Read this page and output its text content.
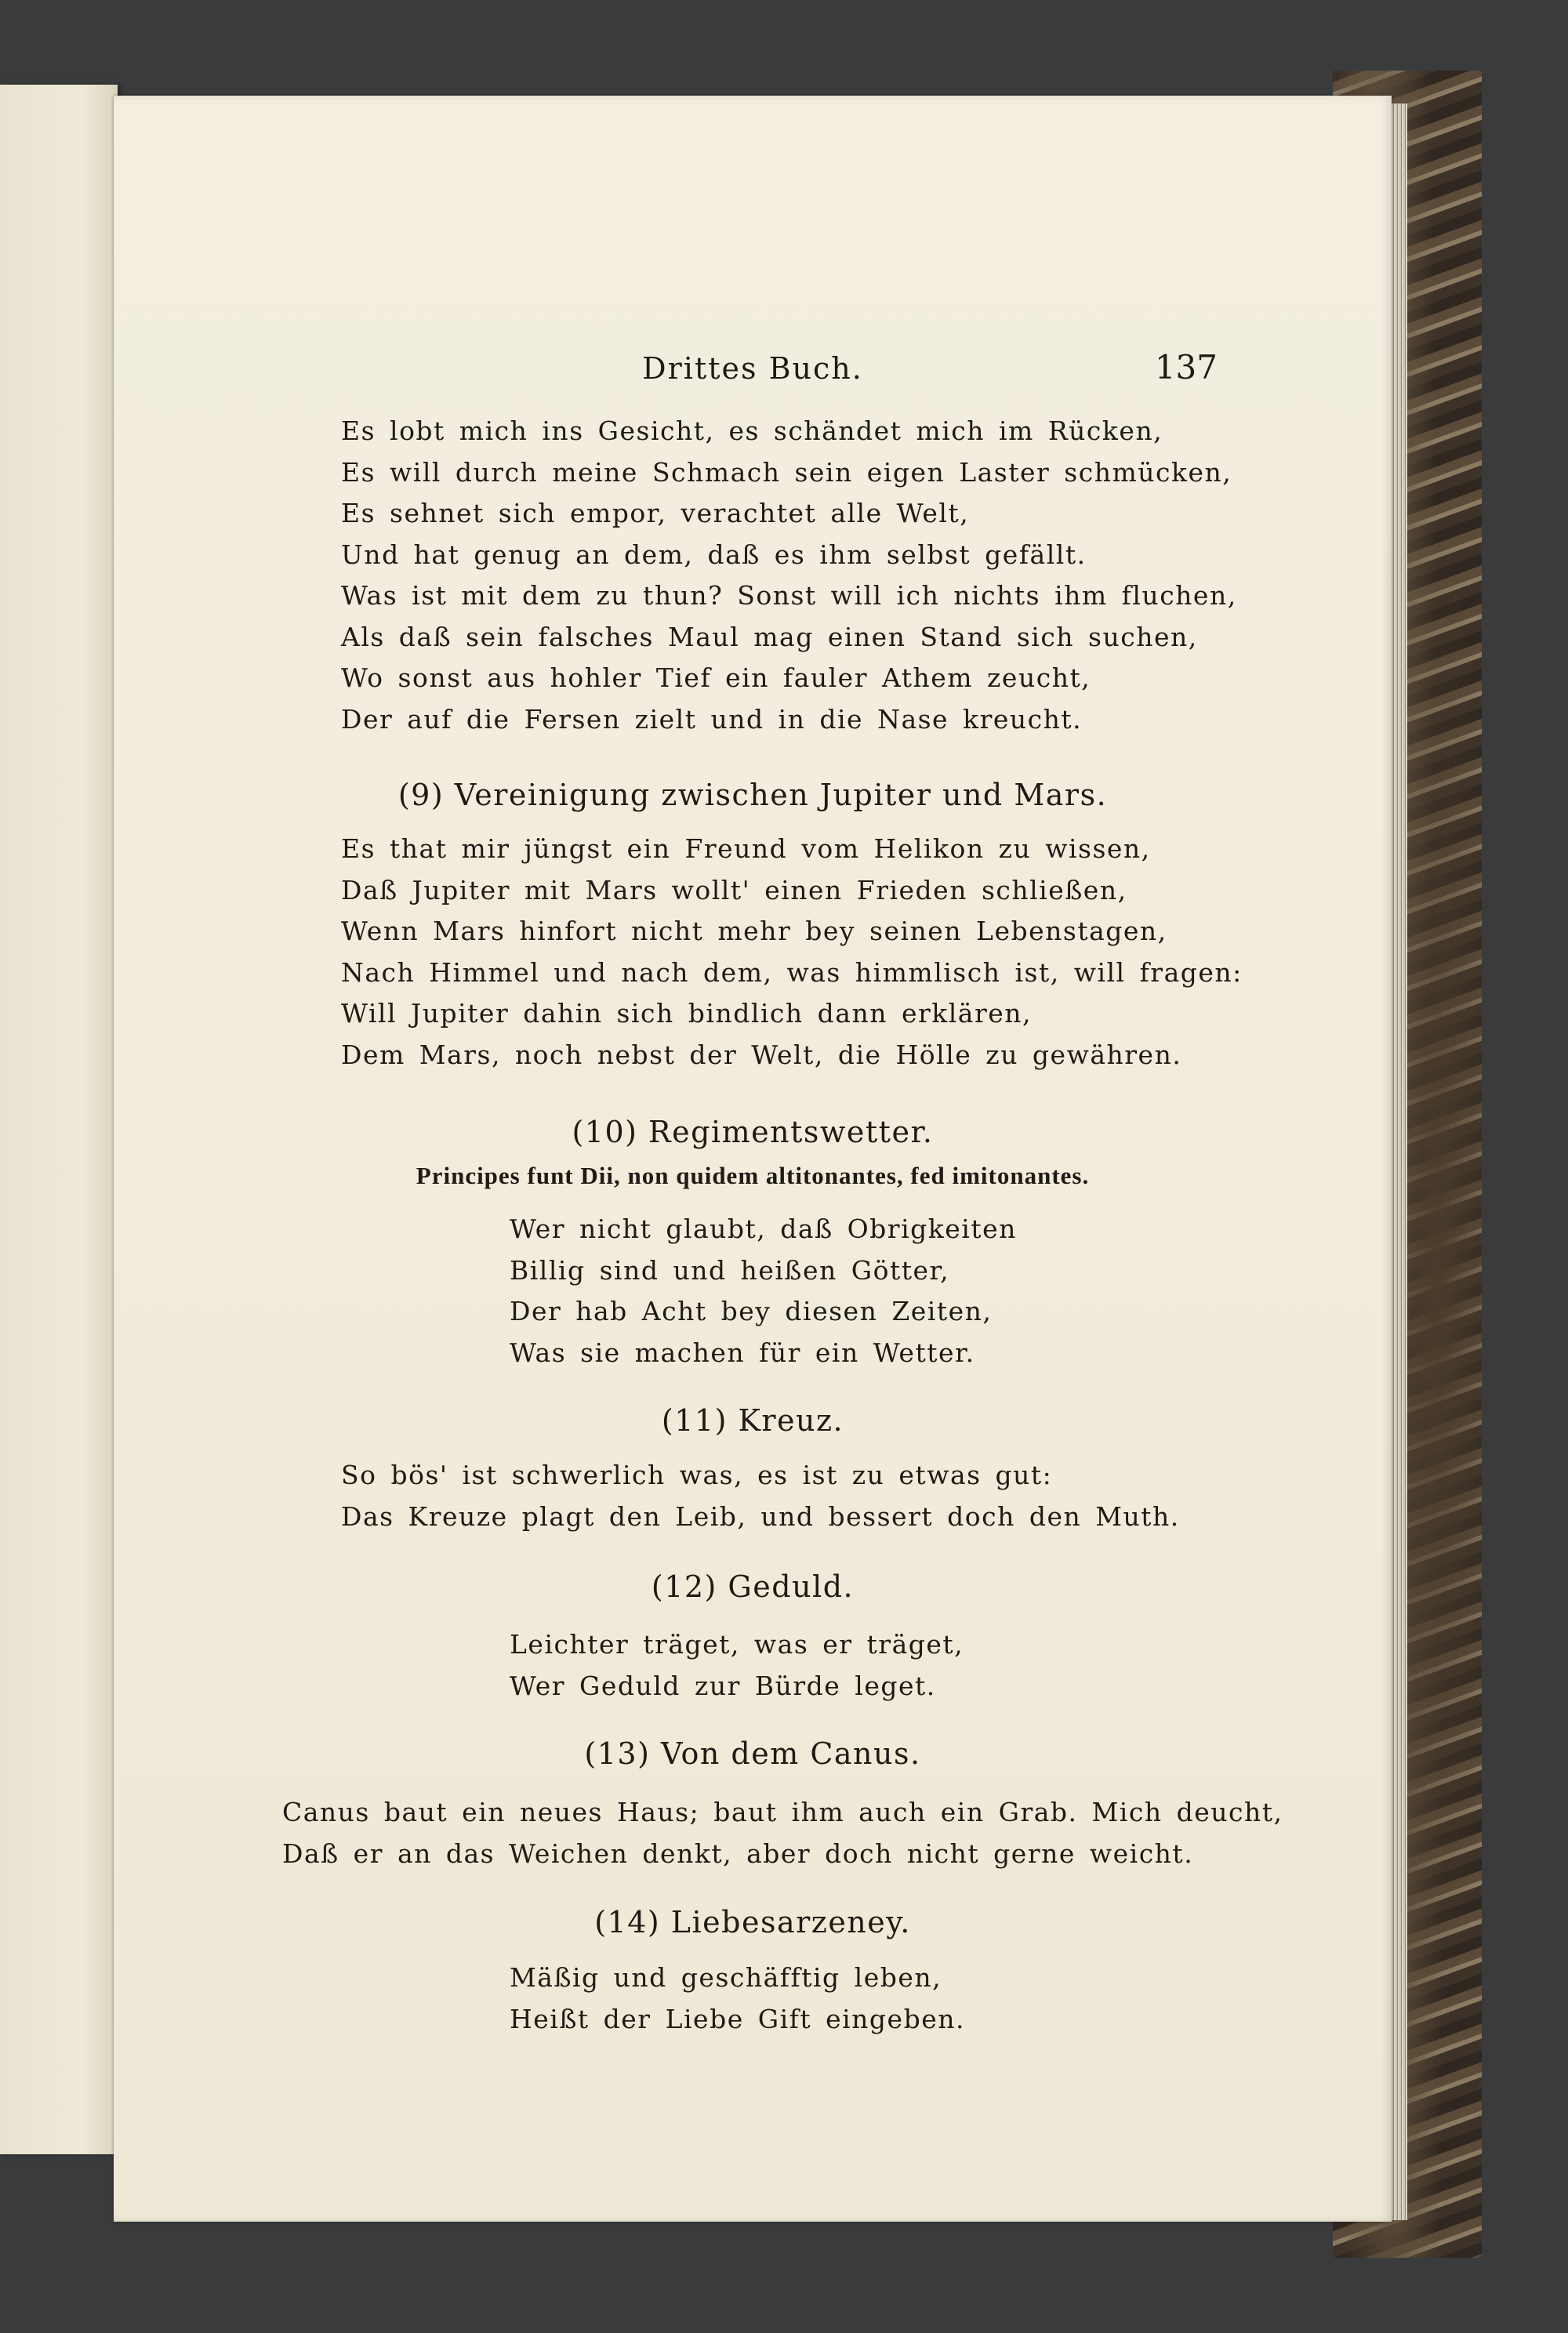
Drittes Buch.	137
Es lobt mich ins Gesicht, es schändet mich im Rücken,
Es will durch meine Schmach sein eigen Laster schmücken,
Es sehnet sich empor, verachtet alle Welt,
Und hat genug an dem, daß es ihm selbst gefällt.
Was ist mit dem zu thun? Sonst will ich nichts ihm fluchen,
Als daß sein falsches Maul mag einen Stand sich suchen,
Wo sonst aus hohler Tief ein fauler Athem zeucht,
Der auf die Fersen zielt und in die Nase kreucht.
(9) Vereinigung zwischen Jupiter und Mars.
Es that mir jüngst ein Freund vom Helikon zu wissen,
Daß Jupiter mit Mars wollt' einen Frieden schließen,
Wenn Mars hinfort nicht mehr bey seinen Lebenstagen,
Nach Himmel und nach dem, was himmlisch ist, will fragen:
Will Jupiter dahin sich bindlich dann erklären,
Dem Mars, noch nebst der Welt, die Hölle zu gewähren.
(10) Regimentswetter.
Principes funt Dii, non quidem altitonantes, fed imitonantes.
Wer nicht glaubt, daß Obrigkeiten
Billig sind und heißen Götter,
Der hab Acht bey diesen Zeiten,
Was sie machen für ein Wetter.
(11) Kreuz.
So bös' ist schwerlich was, es ist zu etwas gut:
Das Kreuze plagt den Leib, und bessert doch den Muth.
(12) Geduld.
Leichter träget, was er träget,
Wer Geduld zur Bürde leget.
(13) Von dem Canus.
Canus baut ein neues Haus; baut ihm auch ein Grab. Mich deucht,
Daß er an das Weichen denkt, aber doch nicht gerne weicht.
(14) Liebesarzeney.
Mäßig und geschäfftig leben,
Heißt der Liebe Gift eingeben.
